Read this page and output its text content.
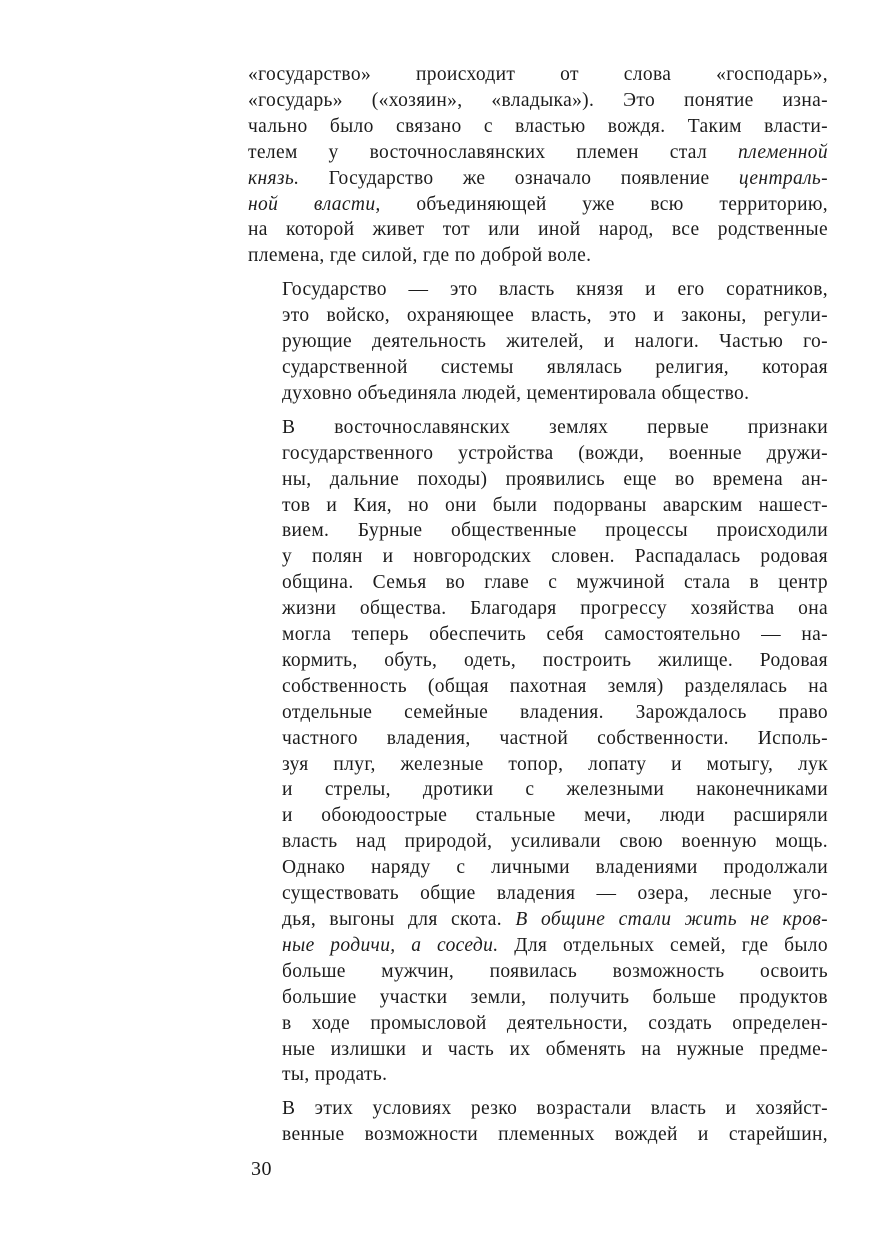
«государство» происходит от слова «господарь»,
«государь» («хозяин», «владыка»). Это понятие изна-
чально было связано с властью вождя. Таким власти-
телем у восточнославянских племен стал племенной
князь. Государство же означало появление централь-
ной власти, объединяющей уже всю территорию,
на которой живет тот или иной народ, все родственные
племена, где силой, где по доброй воле.
Государство — это власть князя и его соратников,
это войско, охраняющее власть, это и законы, регули-
рующие деятельность жителей, и налоги. Частью го-
сударственной системы являлась религия, которая
духовно объединяла людей, цементировала общество.
В восточнославянских землях первые признаки
государственного устройства (вожди, военные дружи-
ны, дальние походы) проявились еще во времена ан-
тов и Кия, но они были подорваны аварским нашест-
вием. Бурные общественные процессы происходили
у полян и новгородских словен. Распадалась родовая
община. Семья во главе с мужчиной стала в центр
жизни общества. Благодаря прогрессу хозяйства она
могла теперь обеспечить себя самостоятельно — на-
кормить, обуть, одеть, построить жилище. Родовая
собственность (общая пахотная земля) разделялась на
отдельные семейные владения. Зарождалось право
частного владения, частной собственности. Исполь-
зуя плуг, железные топор, лопату и мотыгу, лук
и стрелы, дротики с железными наконечниками
и обоюдоострые стальные мечи, люди расширяли
власть над природой, усиливали свою военную мощь.
Однако наряду с личными владениями продолжали
существовать общие владения — озера, лесные уго-
дья, выгоны для скота. В общине стали жить не кров-
ные родичи, а соседи. Для отдельных семей, где было
больше мужчин, появилась возможность освоить
большие участки земли, получить больше продуктов
в ходе промысловой деятельности, создать определен-
ные излишки и часть их обменять на нужные предме-
ты, продать.
В этих условиях резко возрастали власть и хозяйст-
венные возможности племенных вождей и старейшин,
30
